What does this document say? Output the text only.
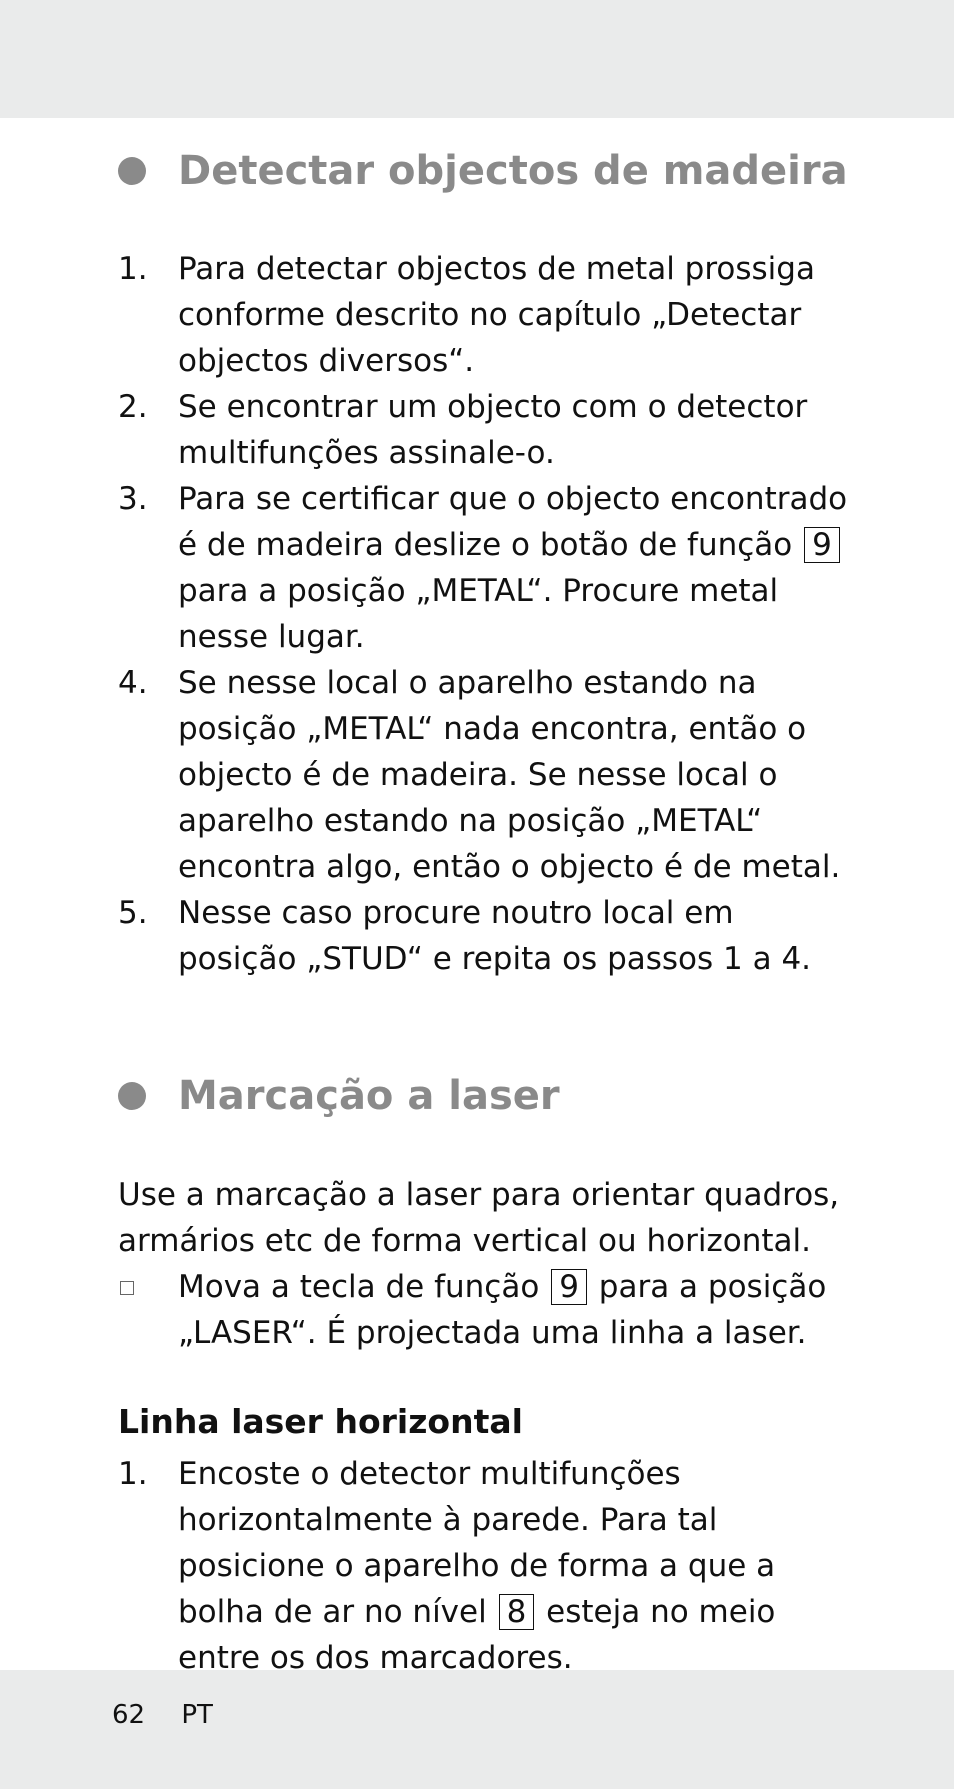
Detectar objectos de madeira
1. Para detectar objectos de metal prossiga conforme descrito no capítulo „Detectar objectos diversos“.
2. Se encontrar um objecto com o detector multifunções assinale-o.
3. Para se certificar que o objecto encontrado é de madeira deslize o botão de função 9 para a posição „METAL“. Procure metal nesse lugar.
4. Se nesse local o aparelho estando na posição „METAL“ nada encontra, então o objecto é de madeira. Se nesse local o aparelho estando na posição „METAL“ encontra algo, então o objecto é de metal.
5. Nesse caso procure noutro local em posição „STUD“ e repita os passos 1 a 4.
Marcação a laser
Use a marcação a laser para orientar quadros, armários etc de forma vertical ou horizontal.
Mova a tecla de função 9 para a posição „LASER“. É projectada uma linha a laser.
Linha laser horizontal
1. Encoste o detector multifunções horizontalmente à parede. Para tal posicione o aparelho de forma a que a bolha de ar no nível 8 esteja no meio entre os dos marcadores.
62 PT
